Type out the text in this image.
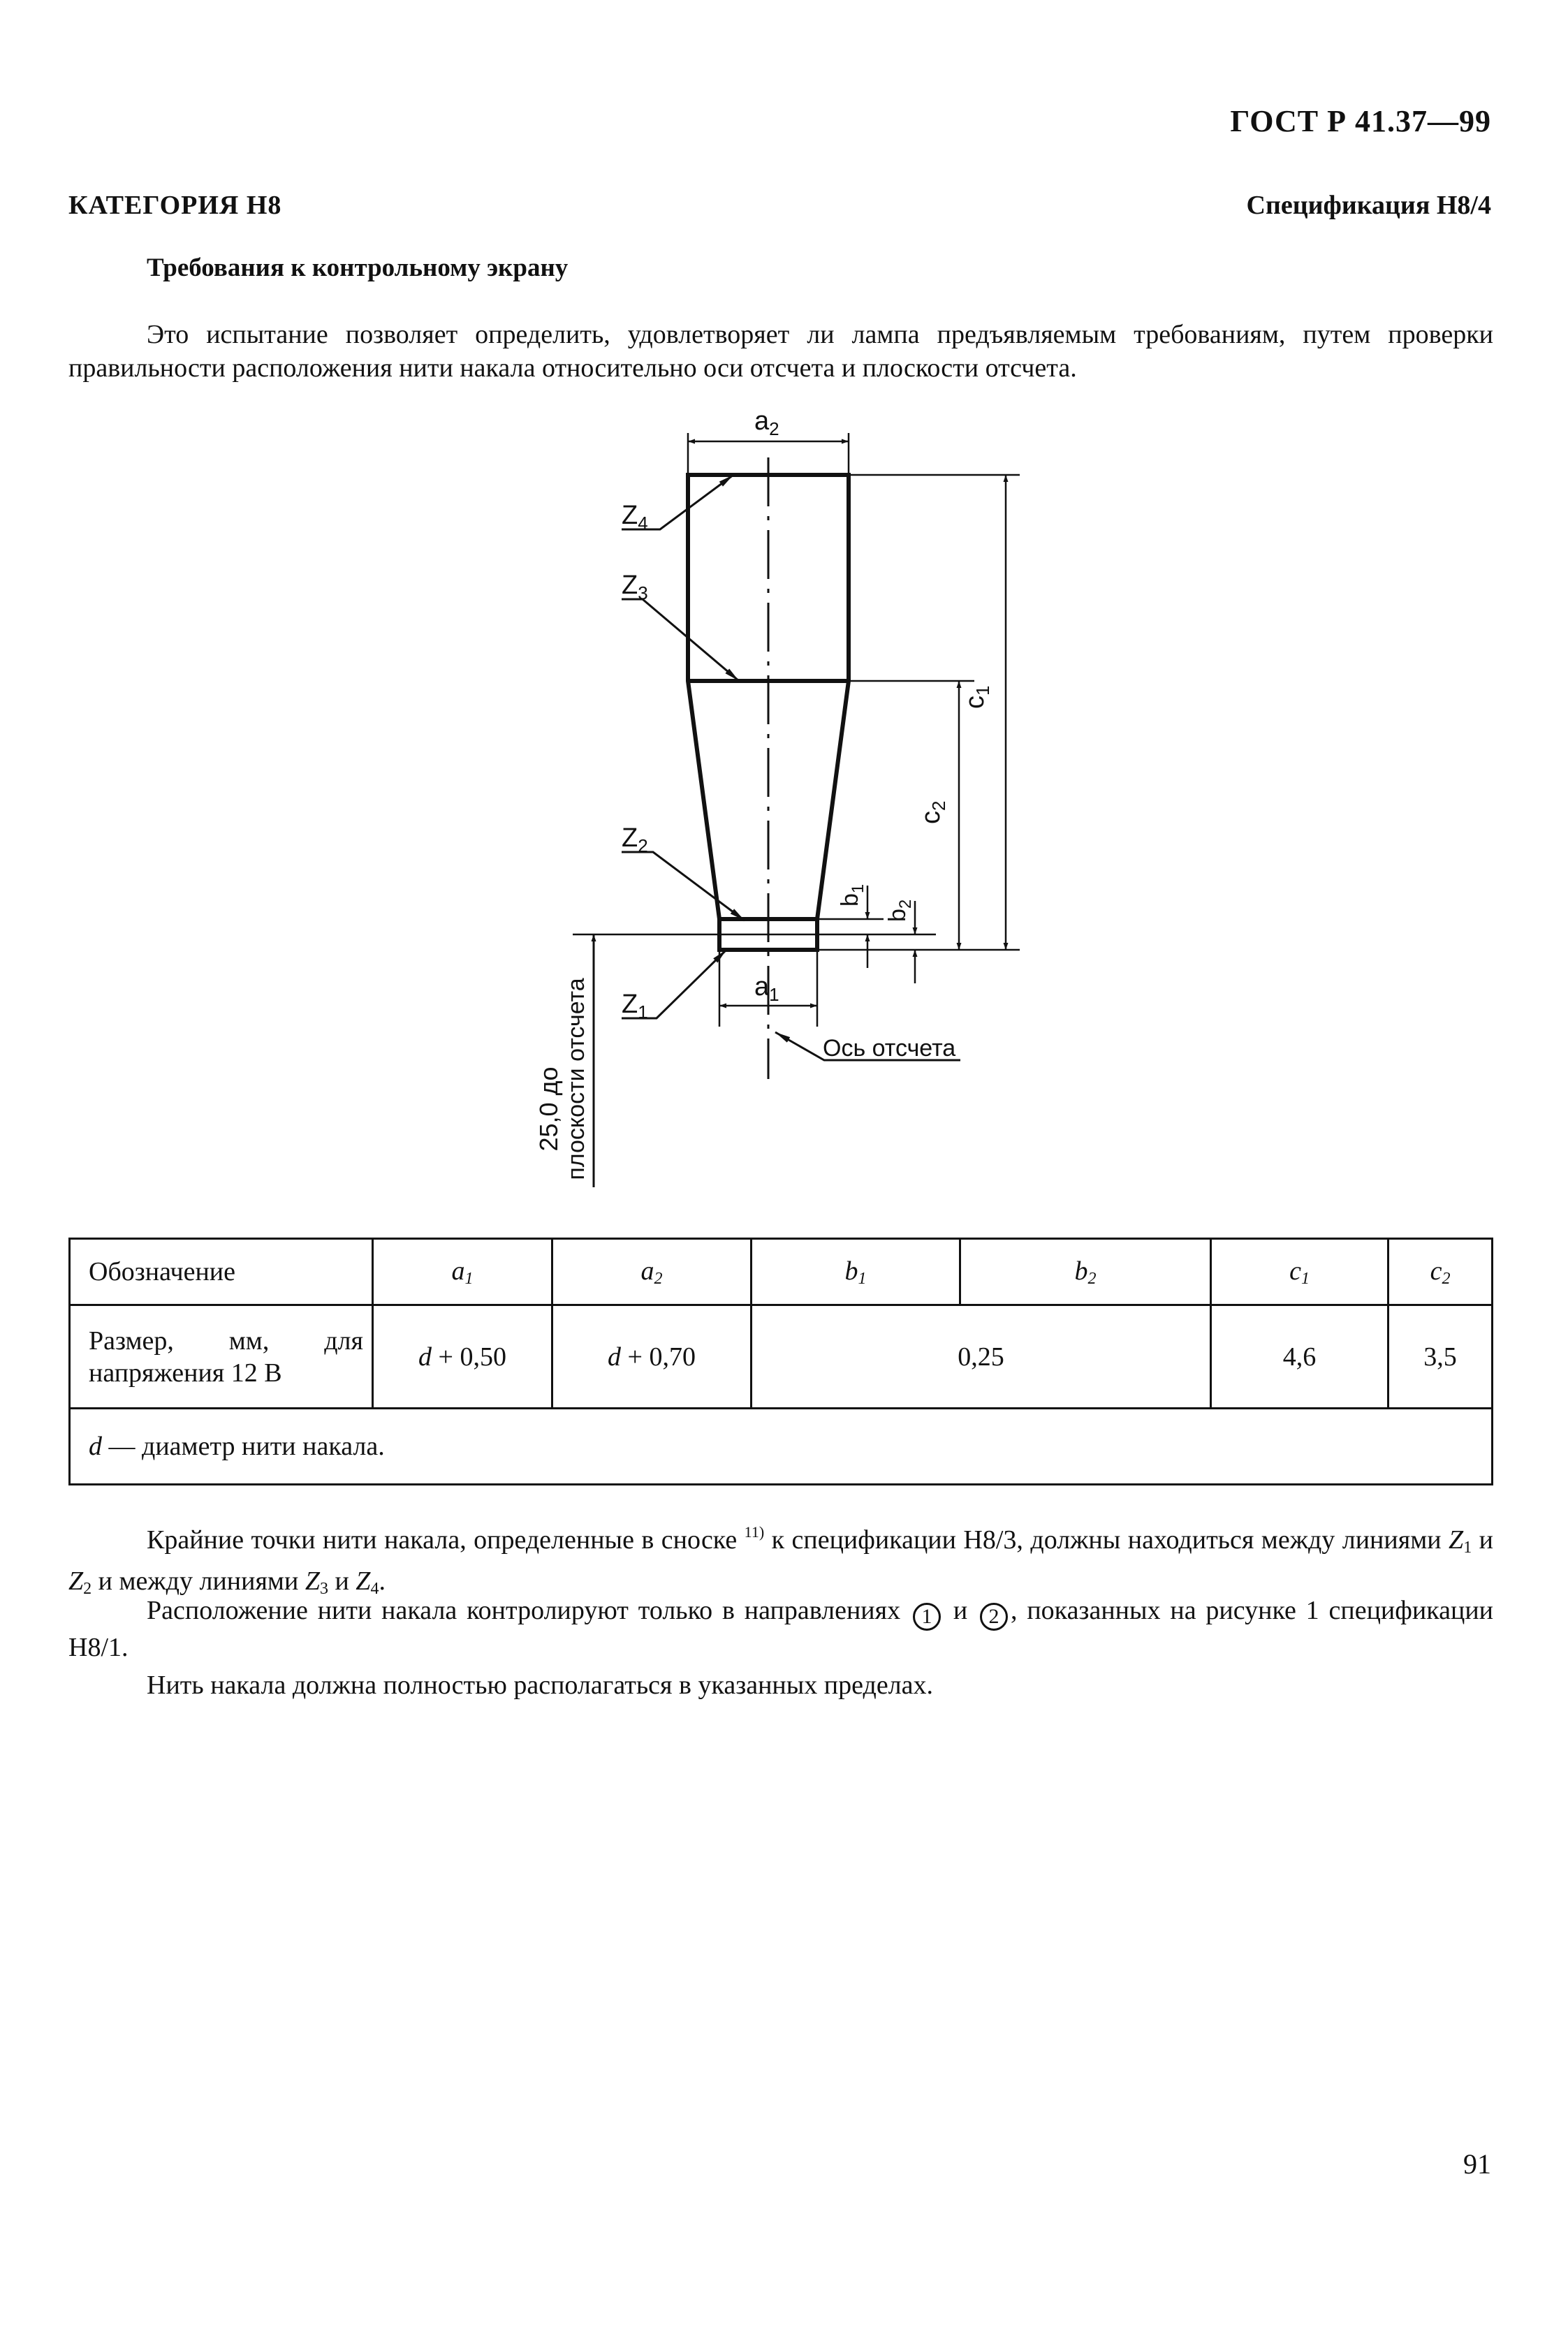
ГОСТ Р 41.37—99
КАТЕГОРИЯ Н8	Спецификация Н8/4
Требования к контрольному экрану
Это испытание позволяет определить, удовлетворяет ли лампа предъявляемым требованиям, путем проверки правильности расположения нити накала относительно оси отсчета и плоскости отсчета.
$a_2$
$a_1$
$Z_4$
$Z_3$
$Z_2$
$Z_1$
$c_1$
$c_2$
$b_1$
$b_2$
Ось отсчета
25,0 до плоскости отсчета
Обозначение	$a_1$	$a_2$	$b_1$	$b_2$	$c_1$	$c_2$
Размер, мм, для
напряжения 12 В	d + 0,50	d + 0,70	0,25		4,6	3,5
d — диаметр нити накала.						
Крайние точки нити накала, определенные в сноске $^{11)}$ к спецификации Н8/3, должны находиться между линиями $Z_1$ и $Z_2$ и между линиями $Z_3$ и $Z_4$.
Расположение нити накала контролируют только в направлениях 1 и 2 , показанных на рисунке 1 спецификации Н8/1.
Нить накала должна полностью располагаться в указанных пределах.
91
